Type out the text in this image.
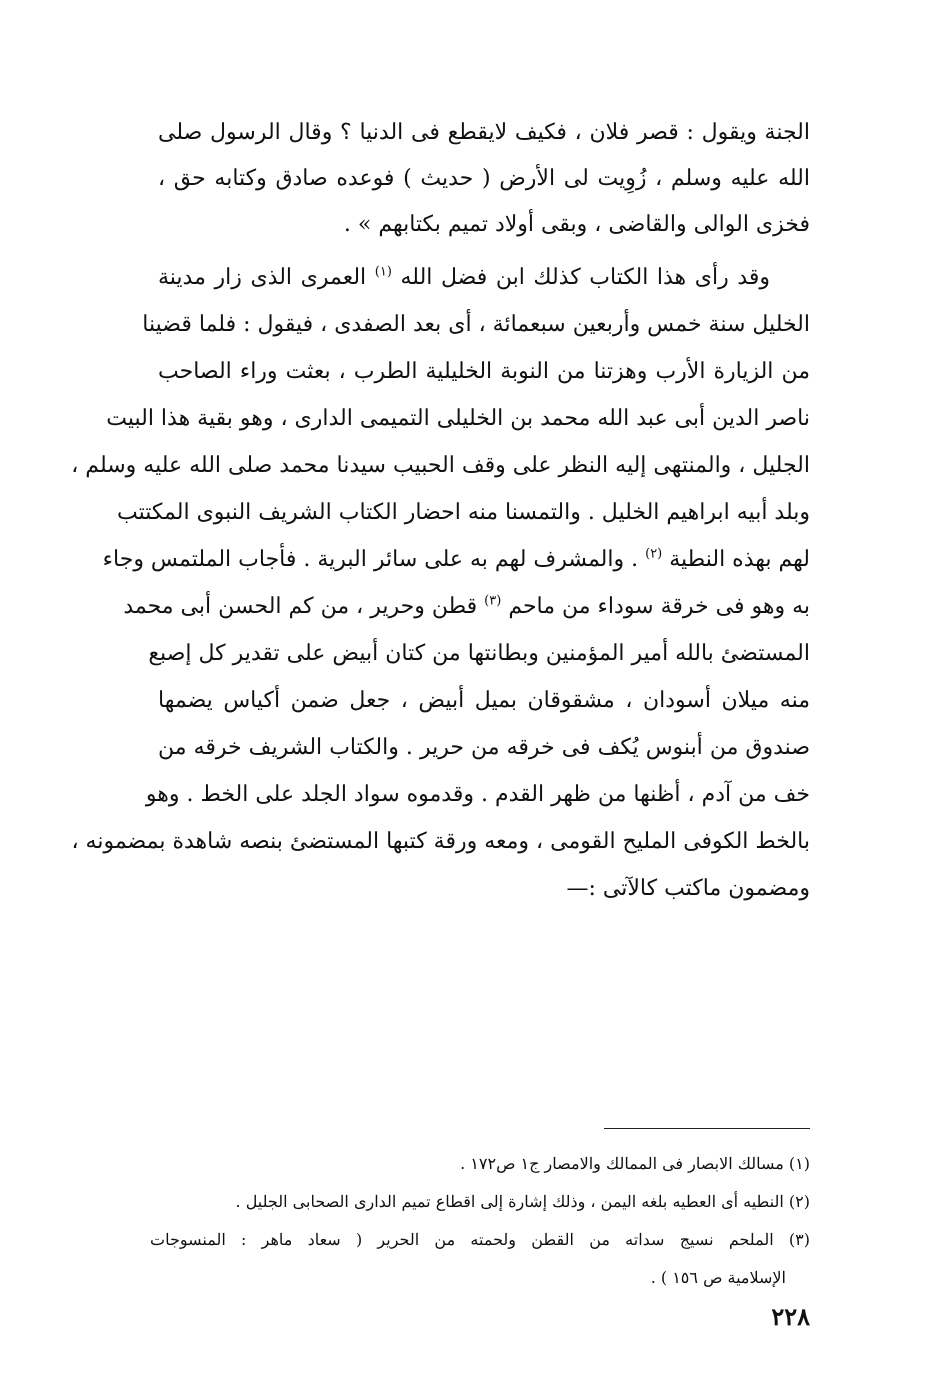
الجنة ويقول : قصر فلان ، فكيف لايقطع فى الدنيا ؟ وقال الرسول صلى
الله عليه وسلم ، زُوِيت لى الأرض ( حديث ) فوعده صادق وكتابه حق ،
فخزى الوالى والقاضى ، وبقى أولاد تميم بكتابهم » .
وقد رأى هذا الكتاب كذلك ابن فضل الله $^{(١)}$ العمرى الذى زار مدينة
الخليل سنة خمس وأربعين سبعمائة ، أى بعد الصفدى ، فيقول : فلما قضينا
من الزيارة الأرب وهزتنا من النوبة الخليلية الطرب ، بعثت وراء الصاحب
ناصر الدين أبى عبد الله محمد بن الخليلى التميمى الدارى ، وهو بقية هذا البيت
الجليل ، والمنتهى إليه النظر على وقف الحبيب سيدنا محمد صلى الله عليه وسلم ،
وبلد أبيه ابراهيم الخليل . والتمسنا منه احضار الكتاب الشريف النبوى المكتتب
لهم بهذه النطية $^{(٢)}$ . والمشرف لهم به على سائر البرية . فأجاب الملتمس وجاء
به وهو فى خرقة سوداء من ماحم $^{(٣)}$ قطن وحرير ، من كم الحسن أبى محمد
المستضئ بالله أمير المؤمنين وبطانتها من كتان أبيض على تقدير كل إصبع
منه ميلان أسودان ، مشقوقان بميل أبيض ، جعل ضمن أكياس يضمها
صندوق من أبنوس يُكف فى خرقه من حرير . والكتاب الشريف خرقه من
خف من آدم ، أظنها من ظهر القدم . وقدموه سواد الجلد على الخط . وهو
بالخط الكوفى المليح القومى ، ومعه ورقة كتبها المستضئ بنصه شاهدة بمضمونه ،
ومضمون ماكتب كالآتى :—
(١) مسالك الابصار فى الممالك والامصار ج١ ص١٧٢ .
(٢) النطيه أى العطيه بلغه اليمن ، وذلك إشارة إلى اقطاع تميم الدارى الصحابى الجليل .
(٣) الملحم نسيج سداته من القطن ولحمته من الحرير ( سعاد ماهر : المنسوجات
الإسلامية ص ١٥٦ ) .
٢٢٨
